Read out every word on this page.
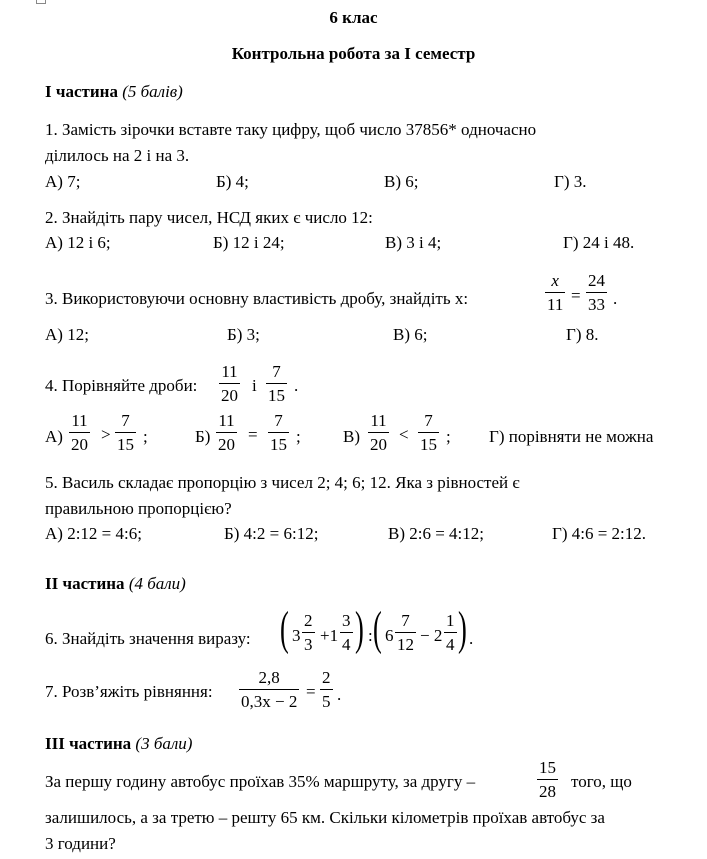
6 клас
Контрольна робота за І семестр
І частина (5 балів)
1. Замість зірочки вставте таку цифру, щоб число 37856* одночасно
ділилось на 2 і на 3.
А) 7;	Б) 4;	В) 6;	Г) 3.
2. Знайдіть пару чисел, НСД яких є число 12:
А) 12 і 6;	Б) 12 і 24;	В) 3 і 4;	Г) 24 і 48.
3. Використовуючи основну властивість дробу, знайдіть х:	$\frac{x}{11} = \frac{24}{33}$ .
А) 12;	Б) 3;	В) 6;	Г) 8.
4. Порівняйте дроби: $\frac{11}{20}$ і $\frac{7}{15}$ .
$А) \frac{11}{20} > \frac{7}{15}$ ;	$Б) \frac{11}{20} = \frac{7}{15}$ ; $В) \frac{11}{20} < \frac{7}{15}$ ; Г) порівняти не можна
5. Василь складає пропорцію з чисел 2; 4; 6; 12. Яка з рівностей є
правильною пропорцією?
А) 2:12 = 4:6;	Б) 4:2 = 6:12;	В) 2:6 = 4:12;	Г) 4:6 = 2:12.
ІІ частина (4 бали)
6. Знайдіть значення виразу: ( $3 \frac{2}{3} +1 \frac{3}{4}$ ) : ( $6 \frac{7}{12} - 2 \frac{1}{4}$ ) .
7. Розв’яжіть рівняння: $\frac{2,8}{0,3x - 2} = \frac{2}{5}$ .
ІІІ частина (3 бали)
За першу годину автобус проїхав 35% маршруту, за другу –	$\frac{15}{28}$ того, що
залишилось, а за третю – решту 65 км. Скільки кілометрів проїхав автобус за
3 години?
